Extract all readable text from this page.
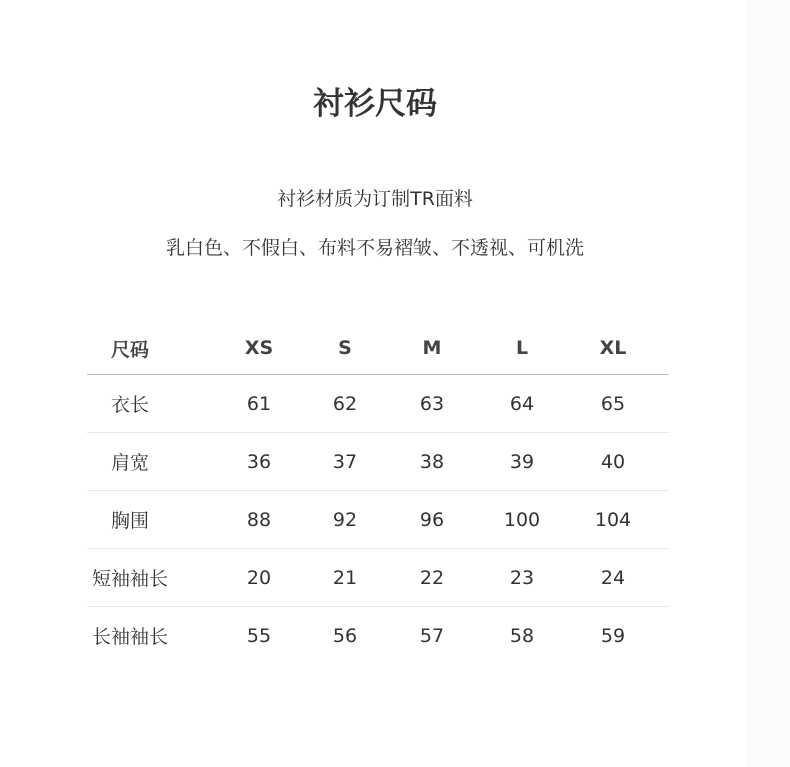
衬衫尺码
衬衫材质为订制TR面料
乳白色、不假白、布料不易褶皱、不透视、可机洗
尺码	XS	S	M	L	XL
衣长	61	62	63	64	65
肩宽	36	37	38	39	40
胸围	88	92	96	100	104
短袖袖长	20	21	22	23	24
长袖袖长	55	56	57	58	59
